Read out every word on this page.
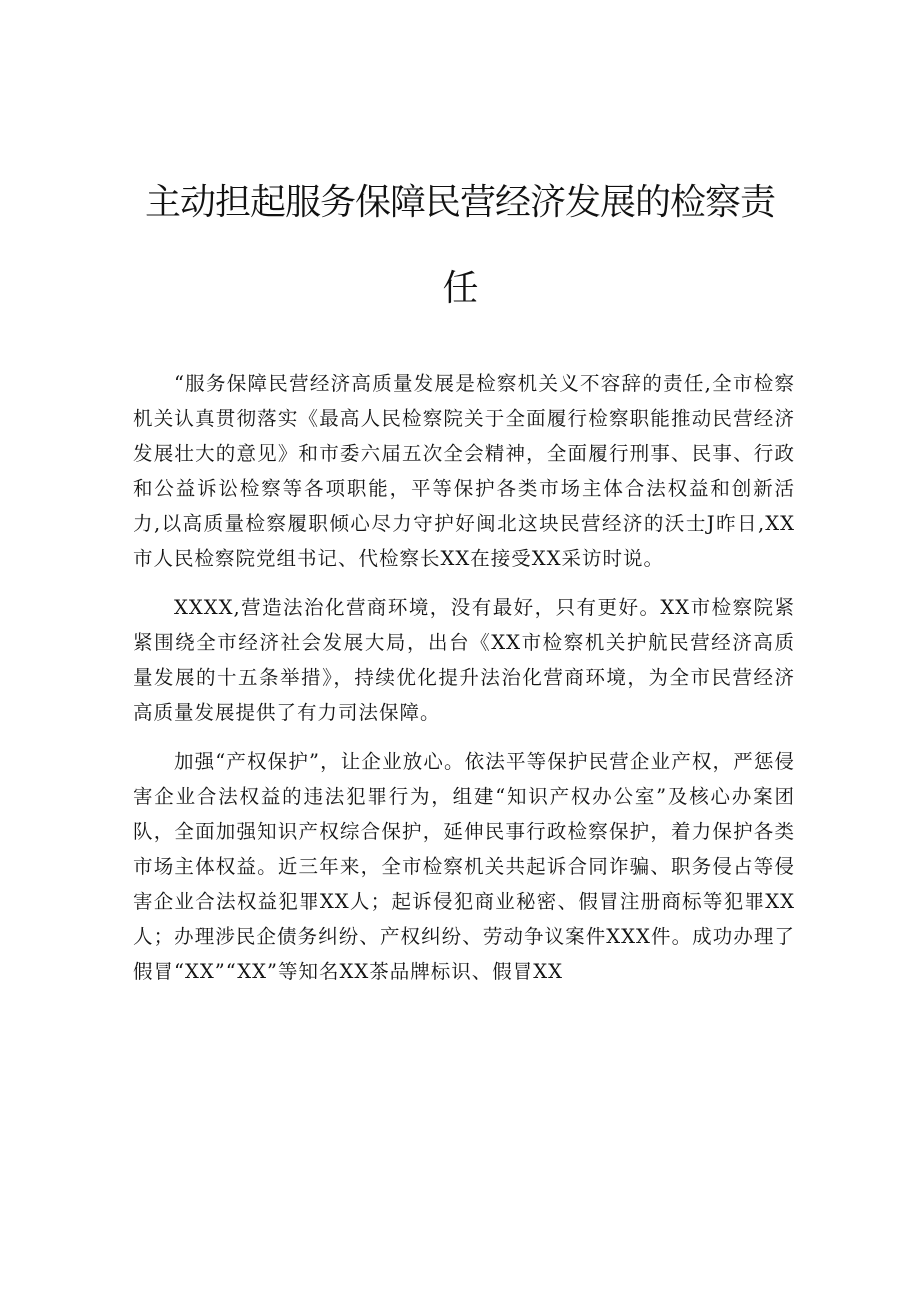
主动担起服务保障民营经济发展的检察责
任

“服务保障民营经济高质量发展是检察机关义不容辞的责任,全市检察机关认真贯彻落实《最高人民检察院关于全面履行检察职能推动民营经济发展壮大的意见》和市委六届五次全会精神，全面履行刑事、民事、行政和公益诉讼检察等各项职能，平等保护各类市场主体合法权益和创新活力,以高质量检察履职倾心尽力守护好闽北这块民营经济的沃士J昨日,XX市人民检察院党组书记、代检察长XX在接受XX采访时说。

XXXX,营造法治化营商环境，没有最好，只有更好。XX市检察院紧紧围绕全市经济社会发展大局，出台《XX市检察机关护航民营经济高质量发展的十五条举措》，持续优化提升法治化营商环境，为全市民营经济高质量发展提供了有力司法保障。

加强“产权保护”，让企业放心。依法平等保护民营企业产权，严惩侵害企业合法权益的违法犯罪行为，组建“知识产权办公室”及核心办案团队，全面加强知识产权综合保护，延伸民事行政检察保护，着力保护各类市场主体权益。近三年来，全市检察机关共起诉合同诈骗、职务侵占等侵害企业合法权益犯罪XX人；起诉侵犯商业秘密、假冒注册商标等犯罪XX人；办理涉民企债务纠纷、产权纠纷、劳动争议案件XXX件。成功办理了假冒“XX”“XX”等知名XX茶品牌标识、假冒XX
